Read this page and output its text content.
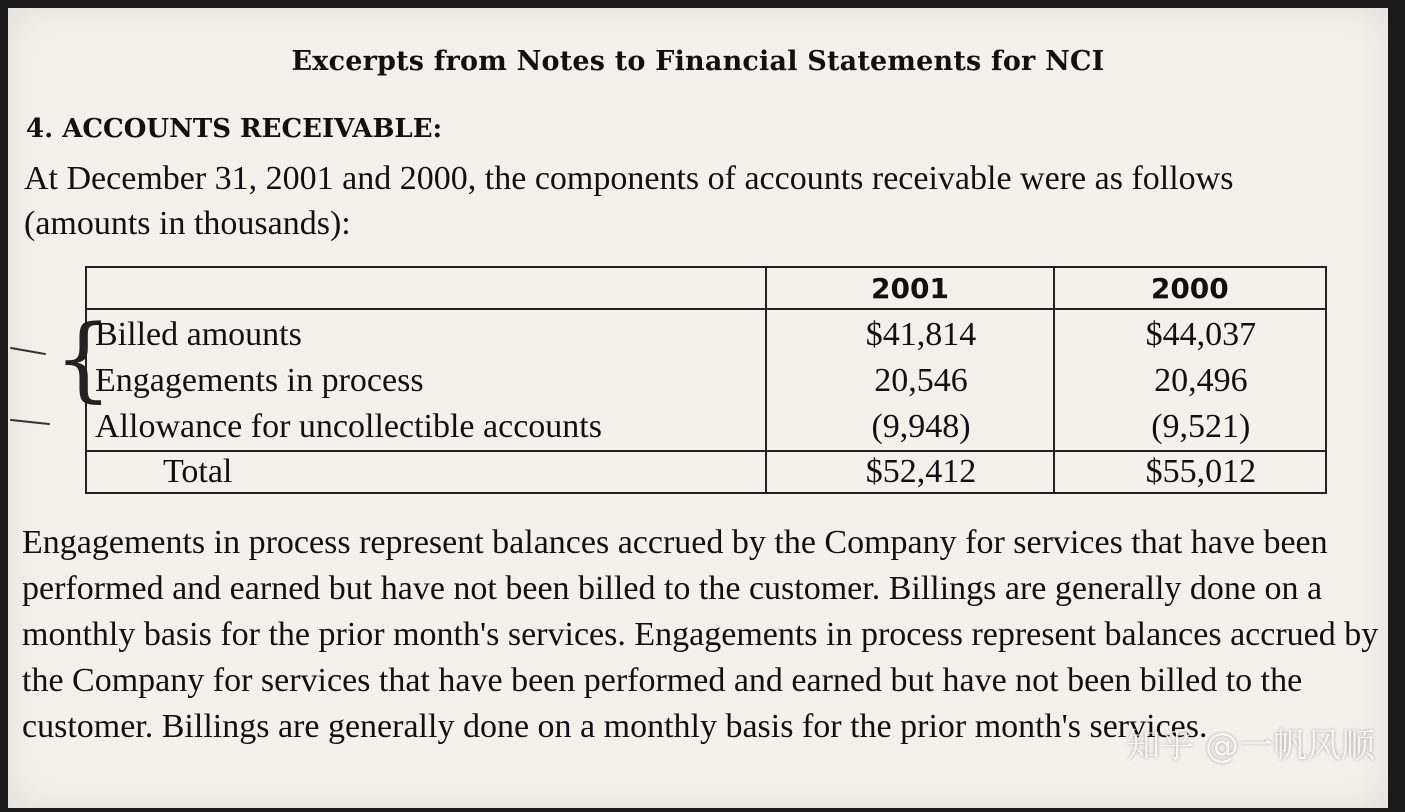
Excerpts from Notes to Financial Statements for NCI
4. ACCOUNTS RECEIVABLE:
At December 31, 2001 and 2000, the components of accounts receivable were as follows (amounts in thousands):
{
	2001	2000
Billed amounts	$41,814	$44,037
Engagements in process	20,546	20,496
Allowance for uncollectible accounts	(9,948)	(9,521)
Total	$52,412	$55,012
Engagements in process represent balances accrued by the Company for services that have been performed and earned but have not been billed to the customer. Billings are generally done on a monthly basis for the prior month's services. Engagements in process represent balances accrued by the Company for services that have been performed and earned but have not been billed to the customer. Billings are generally done on a monthly basis for the prior month's services.
知乎 @一帆风顺
